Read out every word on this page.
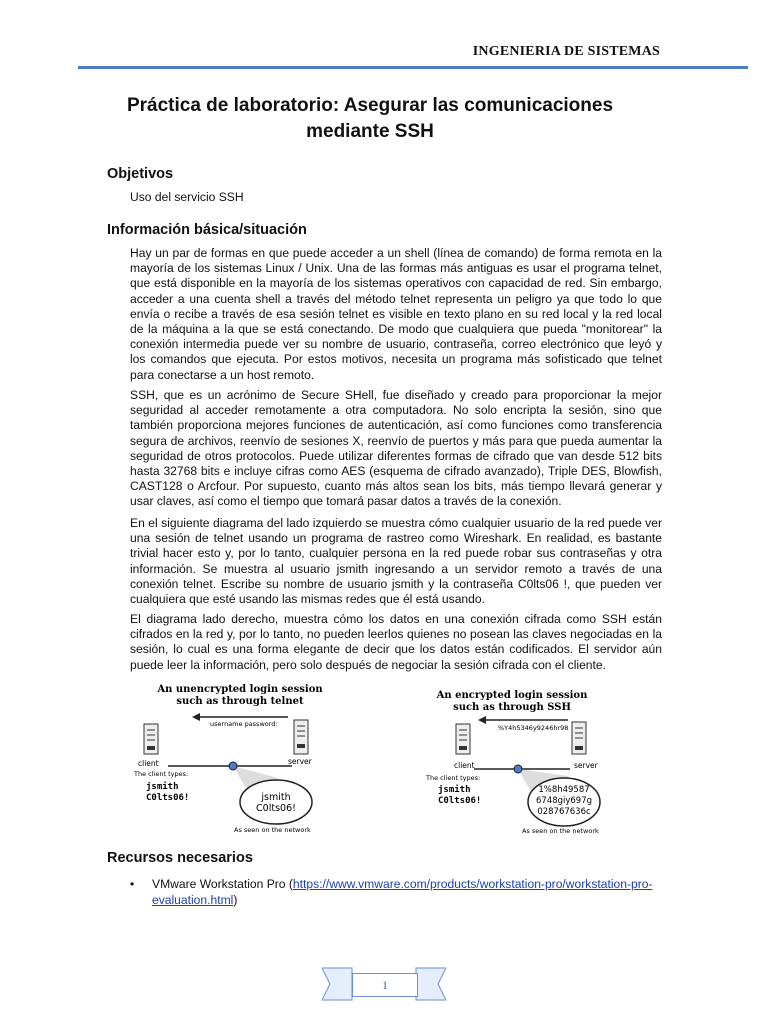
INGENIERIA DE SISTEMAS
Práctica de laboratorio: Asegurar las comunicaciones
mediante SSH
Objetivos

Uso del servicio SSH

Información básica/situación

Hay un par de formas en que puede acceder a un shell (línea de comando) de forma remota en la mayoría de los sistemas Linux / Unix. Una de las formas más antiguas es usar el programa telnet, que está disponible en la mayoría de los sistemas operativos con capacidad de red. Sin embargo, acceder a una cuenta shell a través del método telnet representa un peligro ya que todo lo que envía o recibe a través de esa sesión telnet es visible en texto plano en su red local y la red local de la máquina a la que se está conectando. De modo que cualquiera que pueda "monitorear" la conexión intermedia puede ver su nombre de usuario, contraseña, correo electrónico que leyó y los comandos que ejecuta. Por estos motivos, necesita un programa más sofisticado que telnet para conectarse a un host remoto.

SSH, que es un acrónimo de Secure SHell, fue diseñado y creado para proporcionar la mejor seguridad al acceder remotamente a otra computadora. No solo encripta la sesión, sino que también proporciona mejores funciones de autenticación, así como funciones como transferencia segura de archivos, reenvío de sesiones X, reenvío de puertos y más para que pueda aumentar la seguridad de otros protocolos. Puede utilizar diferentes formas de cifrado que van desde 512 bits hasta 32768 bits e incluye cifras como AES (esquema de cifrado avanzado), Triple DES, Blowfish, CAST128 o Arcfour. Por supuesto, cuanto más altos sean los bits, más tiempo llevará generar y usar claves, así como el tiempo que tomará pasar datos a través de la conexión.

En el siguiente diagrama del lado izquierdo se muestra cómo cualquier usuario de la red puede ver una sesión de telnet usando un programa de rastreo como Wireshark. En realidad, es bastante trivial hacer esto y, por lo tanto, cualquier persona en la red puede robar sus contraseñas y otra información. Se muestra al usuario jsmith ingresando a un servidor remoto a través de una conexión telnet. Escribe su nombre de usuario jsmith y la contraseña C0lts06 !, que pueden ver cualquiera que esté usando las mismas redes que él está usando.

El diagrama lado derecho, muestra cómo los datos en una conexión cifrada como SSH están cifrados en la red y, por lo tanto, no pueden leerlos quienes no posean las claves negociadas en la sesión, lo cual es una forma elegante de decir que los datos están codificados. El servidor aún puede leer la información, pero solo después de negociar la sesión cifrada con el cliente.

An unencrypted login session
such as through telnet
username password:
client	server
jsmith
C0lts06!
The client types:
jsmith
C0lts06!
As seen on the network
An encrypted login session
such as through SSH
%Y4h5346y9246hr98
client	server
1%8h49587
6748giy697g
028767636c
The client types:
jsmith
C0lts06!
As seen on the network
Recursos necesarios
• VMware Workstation Pro (https://www.vmware.com/products/workstation-pro/workstation-pro-evaluation.html)
1
